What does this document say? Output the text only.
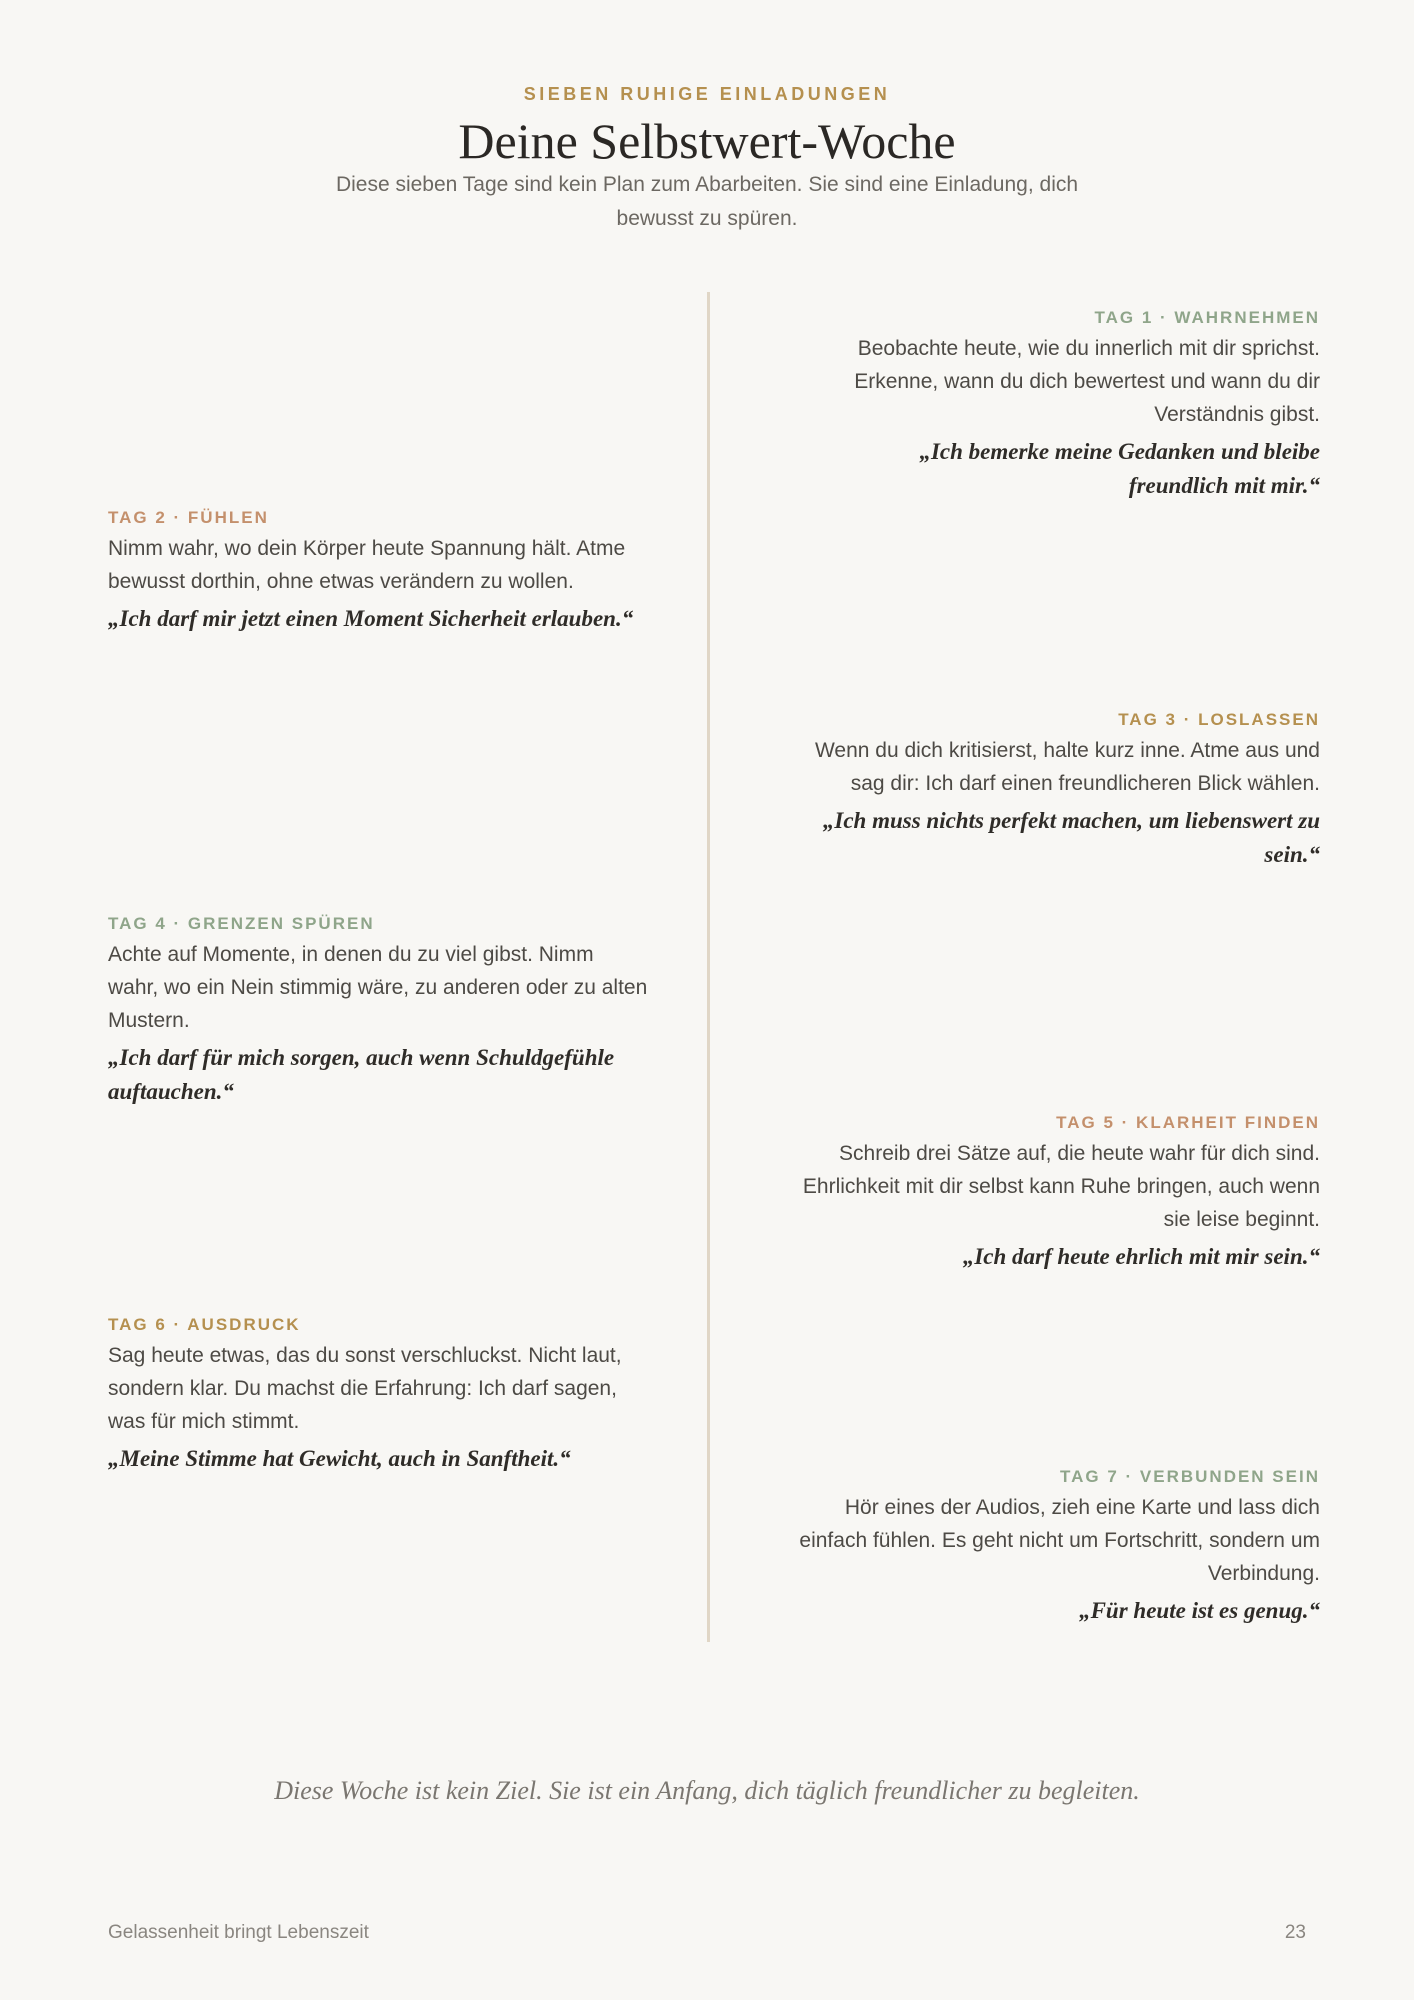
SIEBEN RUHIGE EINLADUNGEN
Deine Selbstwert-Woche
Diese sieben Tage sind kein Plan zum Abarbeiten. Sie sind eine Einladung, dich bewusst zu spüren.
TAG 1 · WAHRNEHMEN
Beobachte heute, wie du innerlich mit dir sprichst. Erkenne, wann du dich bewertest und wann du dir Verständnis gibst.
„Ich bemerke meine Gedanken und bleibe freundlich mit mir.“
TAG 2 · FÜHLEN
Nimm wahr, wo dein Körper heute Spannung hält. Atme bewusst dorthin, ohne etwas verändern zu wollen.
„Ich darf mir jetzt einen Moment Sicherheit erlauben.“
TAG 3 · LOSLASSEN
Wenn du dich kritisierst, halte kurz inne. Atme aus und sag dir: Ich darf einen freundlicheren Blick wählen.
„Ich muss nichts perfekt machen, um liebenswert zu sein.“
TAG 4 · GRENZEN SPÜREN
Achte auf Momente, in denen du zu viel gibst. Nimm wahr, wo ein Nein stimmig wäre, zu anderen oder zu alten Mustern.
„Ich darf für mich sorgen, auch wenn Schuldgefühle auftauchen.“
TAG 5 · KLARHEIT FINDEN
Schreib drei Sätze auf, die heute wahr für dich sind. Ehrlichkeit mit dir selbst kann Ruhe bringen, auch wenn sie leise beginnt.
„Ich darf heute ehrlich mit mir sein.“
TAG 6 · AUSDRUCK
Sag heute etwas, das du sonst verschluckst. Nicht laut, sondern klar. Du machst die Erfahrung: Ich darf sagen, was für mich stimmt.
„Meine Stimme hat Gewicht, auch in Sanftheit.“
TAG 7 · VERBUNDEN SEIN
Hör eines der Audios, zieh eine Karte und lass dich einfach fühlen. Es geht nicht um Fortschritt, sondern um Verbindung.
„Für heute ist es genug.“
Diese Woche ist kein Ziel. Sie ist ein Anfang, dich täglich freundlicher zu begleiten.
Gelassenheit bringt Lebenszeit	23
